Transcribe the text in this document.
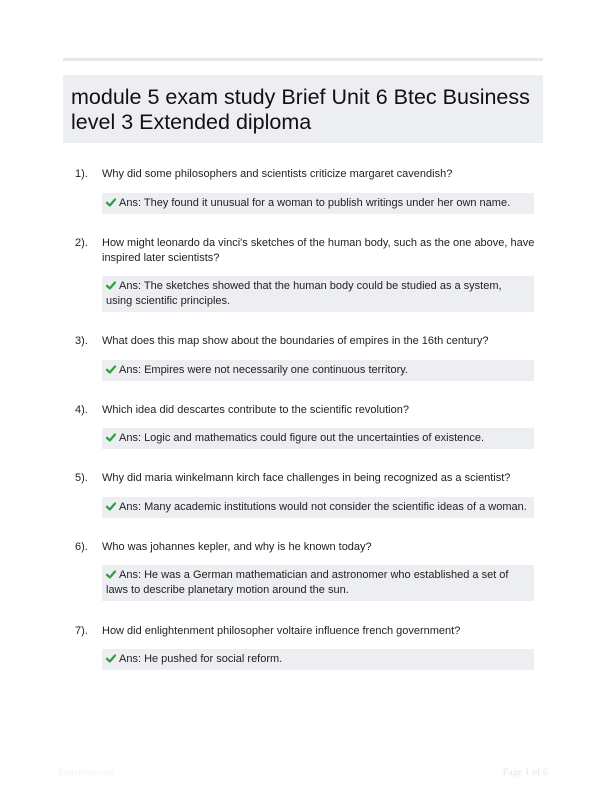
module 5 exam study Brief Unit 6 Btec Business level 3 Extended diploma
1). Why did some philosophers and scientists criticize margaret cavendish?
Ans: They found it unusual for a woman to publish writings under her own name.
2). How might leonardo da vinci's sketches of the human body, such as the one above, have inspired later scientists?
Ans: The sketches showed that the human body could be studied as a system, using scientific principles.
3). What does this map show about the boundaries of empires in the 16th century?
Ans: Empires were not necessarily one continuous territory.
4). Which idea did descartes contribute to the scientific revolution?
Ans: Logic and mathematics could figure out the uncertainties of existence.
5). Why did maria winkelmann kirch face challenges in being recognized as a scientist?
Ans: Many academic institutions would not consider the scientific ideas of a woman.
6). Who was johannes kepler, and why is he known today?
Ans: He was a German mathematician and astronomer who established a set of laws to describe planetary motion around the sun.
7). How did enlightenment philosopher voltaire influence french government?
Ans: He pushed for social reform.
Paperthistr.com	Page 1 of 6
